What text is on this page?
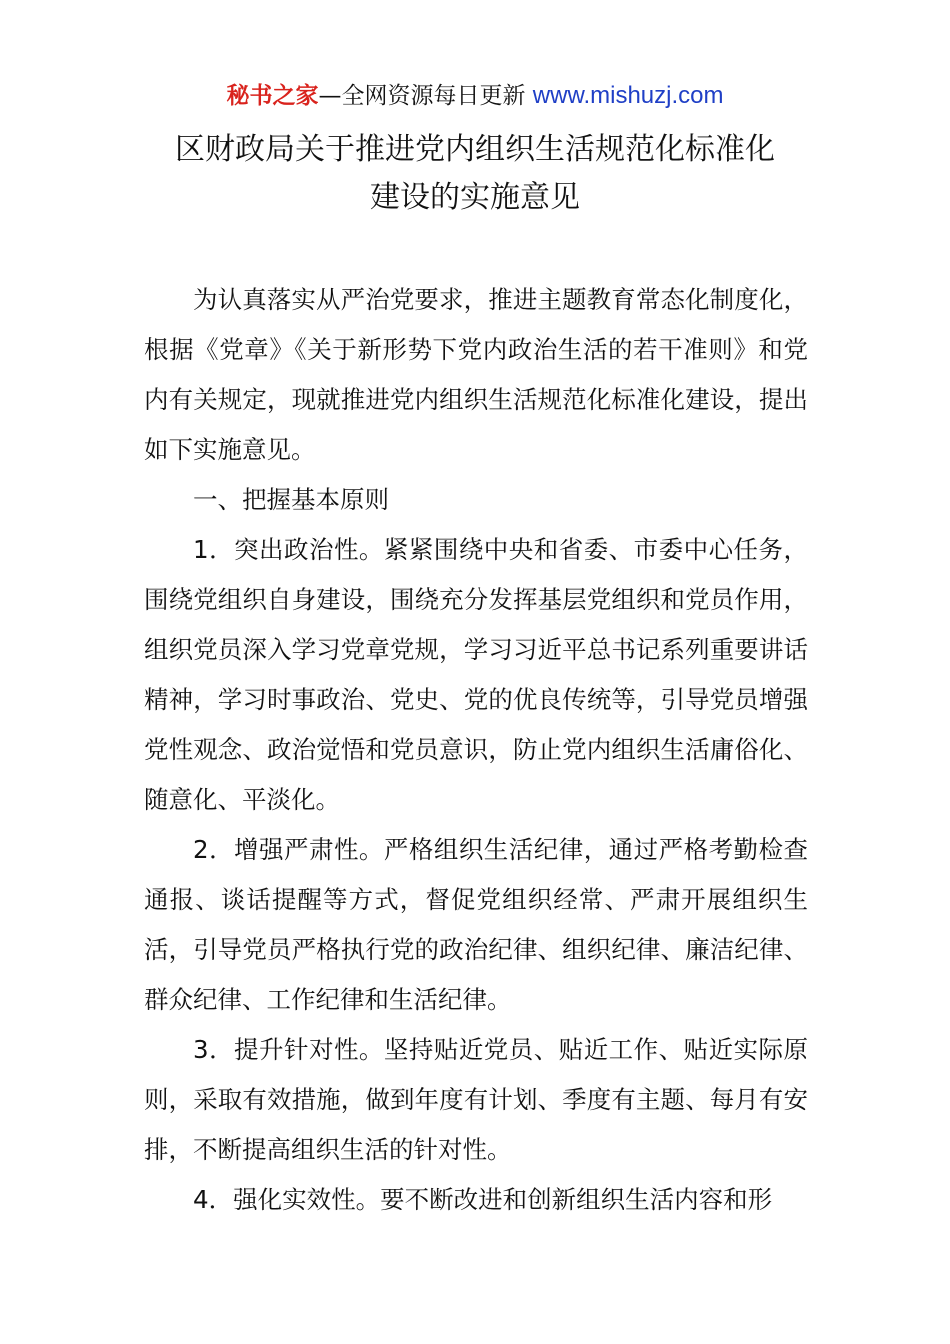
秘书之家—全网资源每日更新 www.mishuzj.com
区财政局关于推进党内组织生活规范化标准化
建设的实施意见

为认真落实从严治党要求，推进主题教育常态化制度化，根据《党章》《关于新形势下党内政治生活的若干准则》和党内有关规定，现就推进党内组织生活规范化标准化建设，提出如下实施意见。

一、把握基本原则

1．突出政治性。紧紧围绕中央和省委、市委中心任务，围绕党组织自身建设，围绕充分发挥基层党组织和党员作用，组织党员深入学习党章党规，学习习近平总书记系列重要讲话精神，学习时事政治、党史、党的优良传统等，引导党员增强党性观念、政治觉悟和党员意识，防止党内组织生活庸俗化、随意化、平淡化。

2．增强严肃性。严格组织生活纪律，通过严格考勤检查通报、谈话提醒等方式，督促党组织经常、严肃开展组织生活，引导党员严格执行党的政治纪律、组织纪律、廉洁纪律、群众纪律、工作纪律和生活纪律。

3．提升针对性。坚持贴近党员、贴近工作、贴近实际原则，采取有效措施，做到年度有计划、季度有主题、每月有安排，不断提高组织生活的针对性。

4．强化实效性。要不断改进和创新组织生活内容和形
